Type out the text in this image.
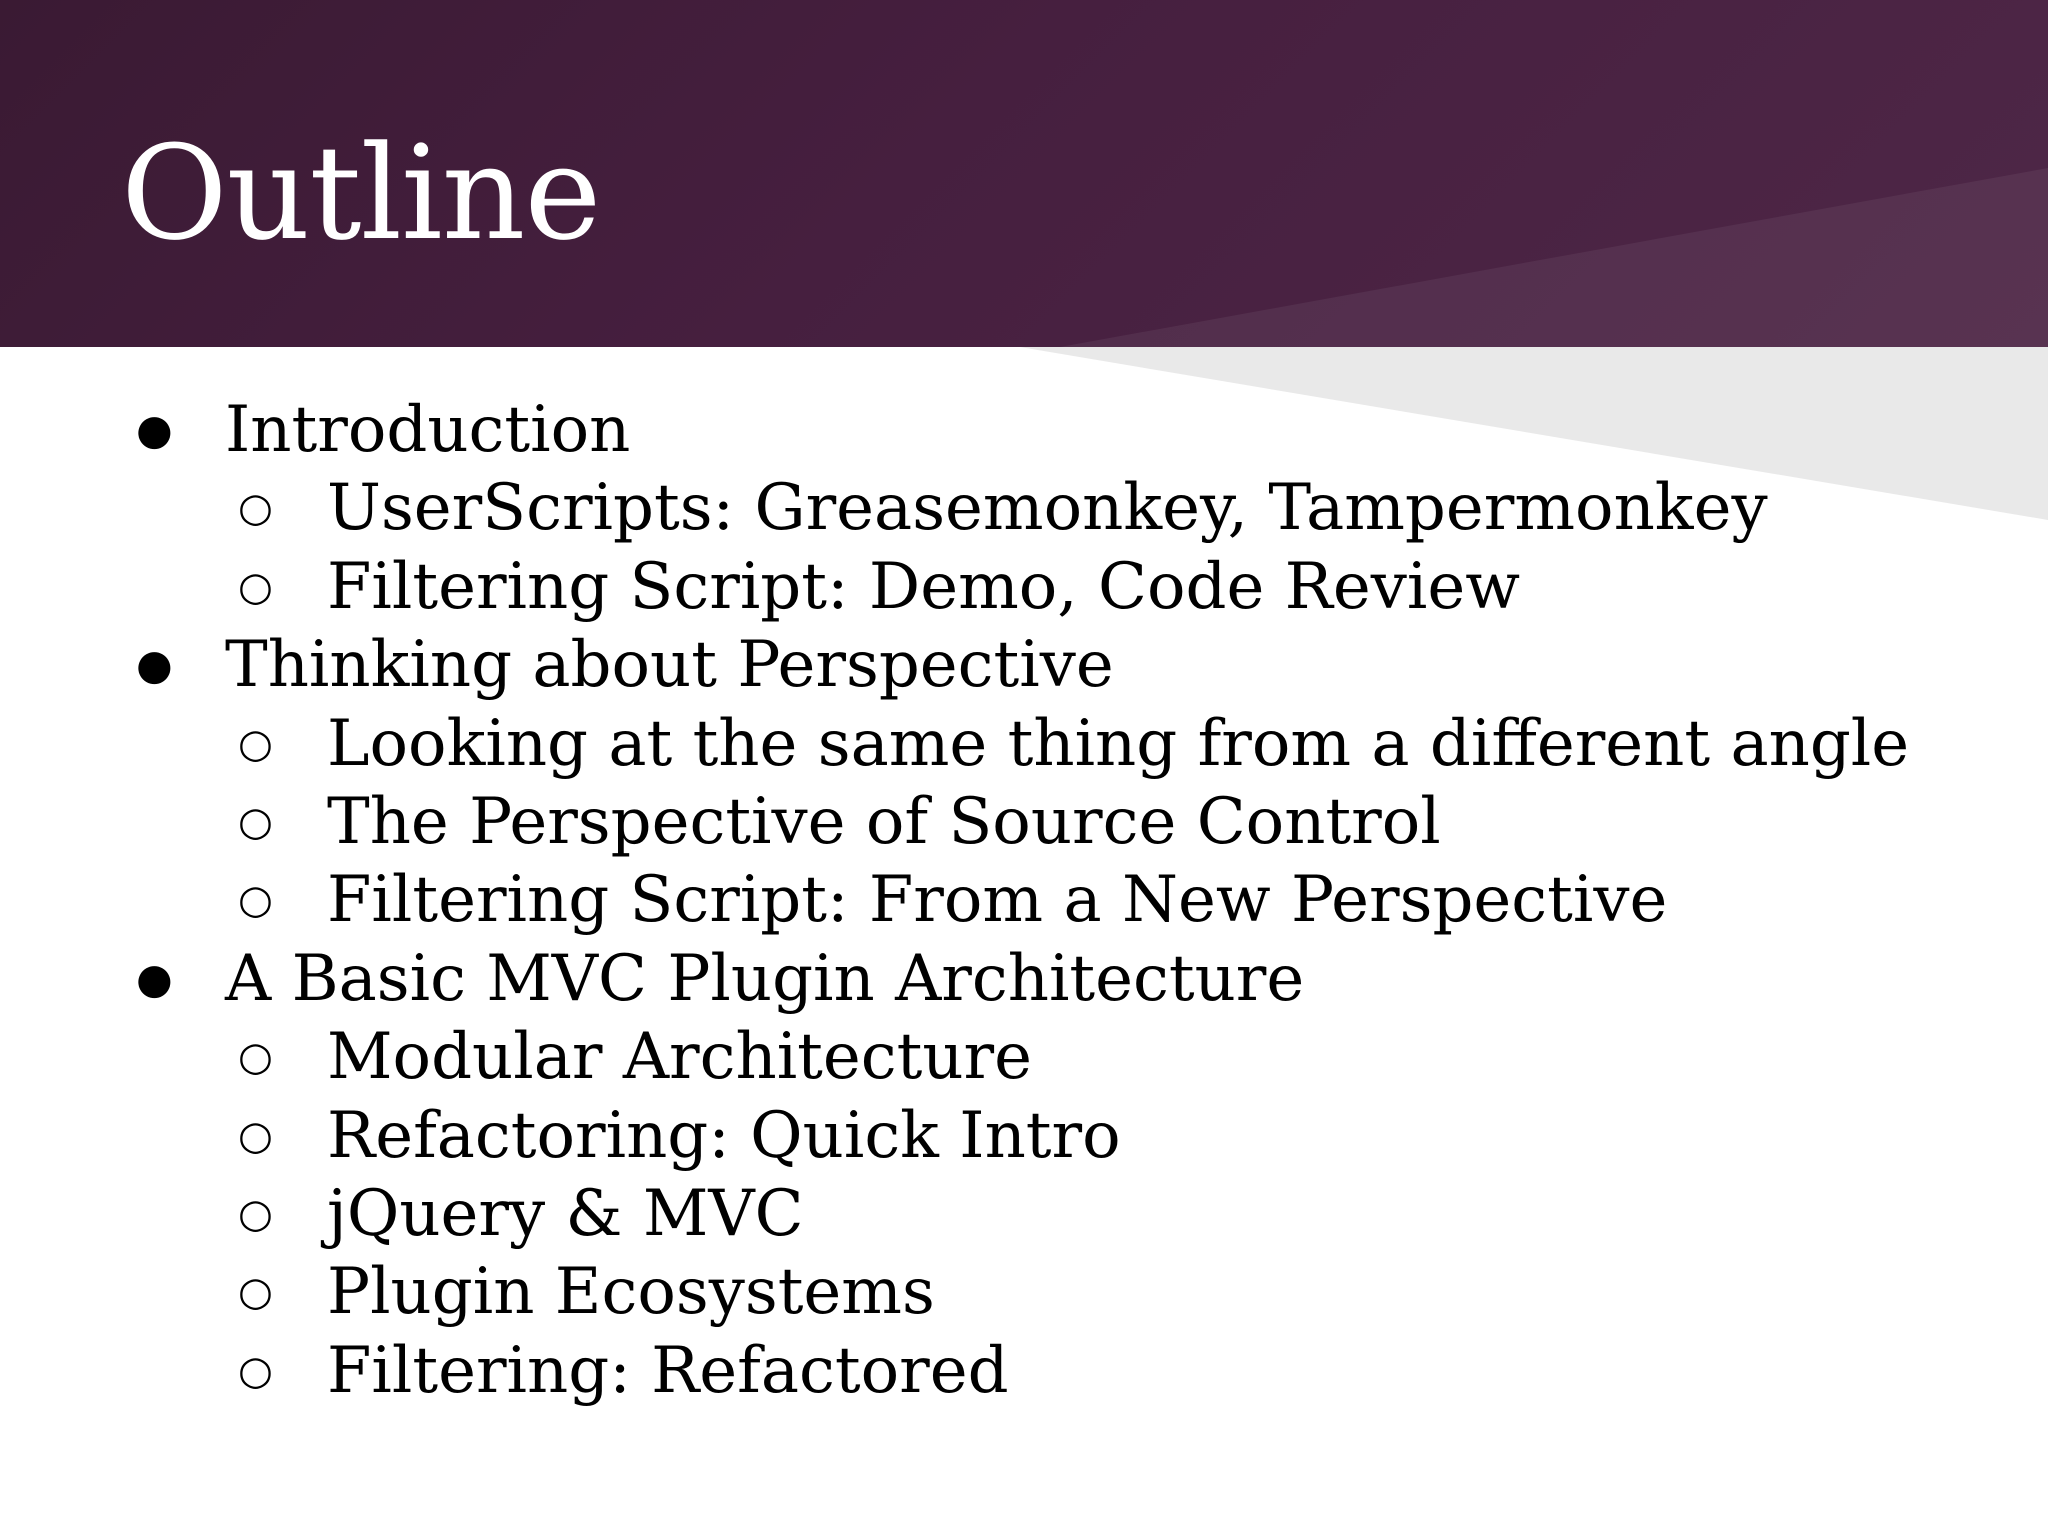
Outline
● Introduction
○ UserScripts: Greasemonkey, Tampermonkey
○ Filtering Script: Demo, Code Review
● Thinking about Perspective
○ Looking at the same thing from a different angle
○ The Perspective of Source Control
○ Filtering Script: From a New Perspective
● A Basic MVC Plugin Architecture
○ Modular Architecture
○ Refactoring: Quick Intro
○ jQuery & MVC
○ Plugin Ecosystems
○ Filtering: Refactored
